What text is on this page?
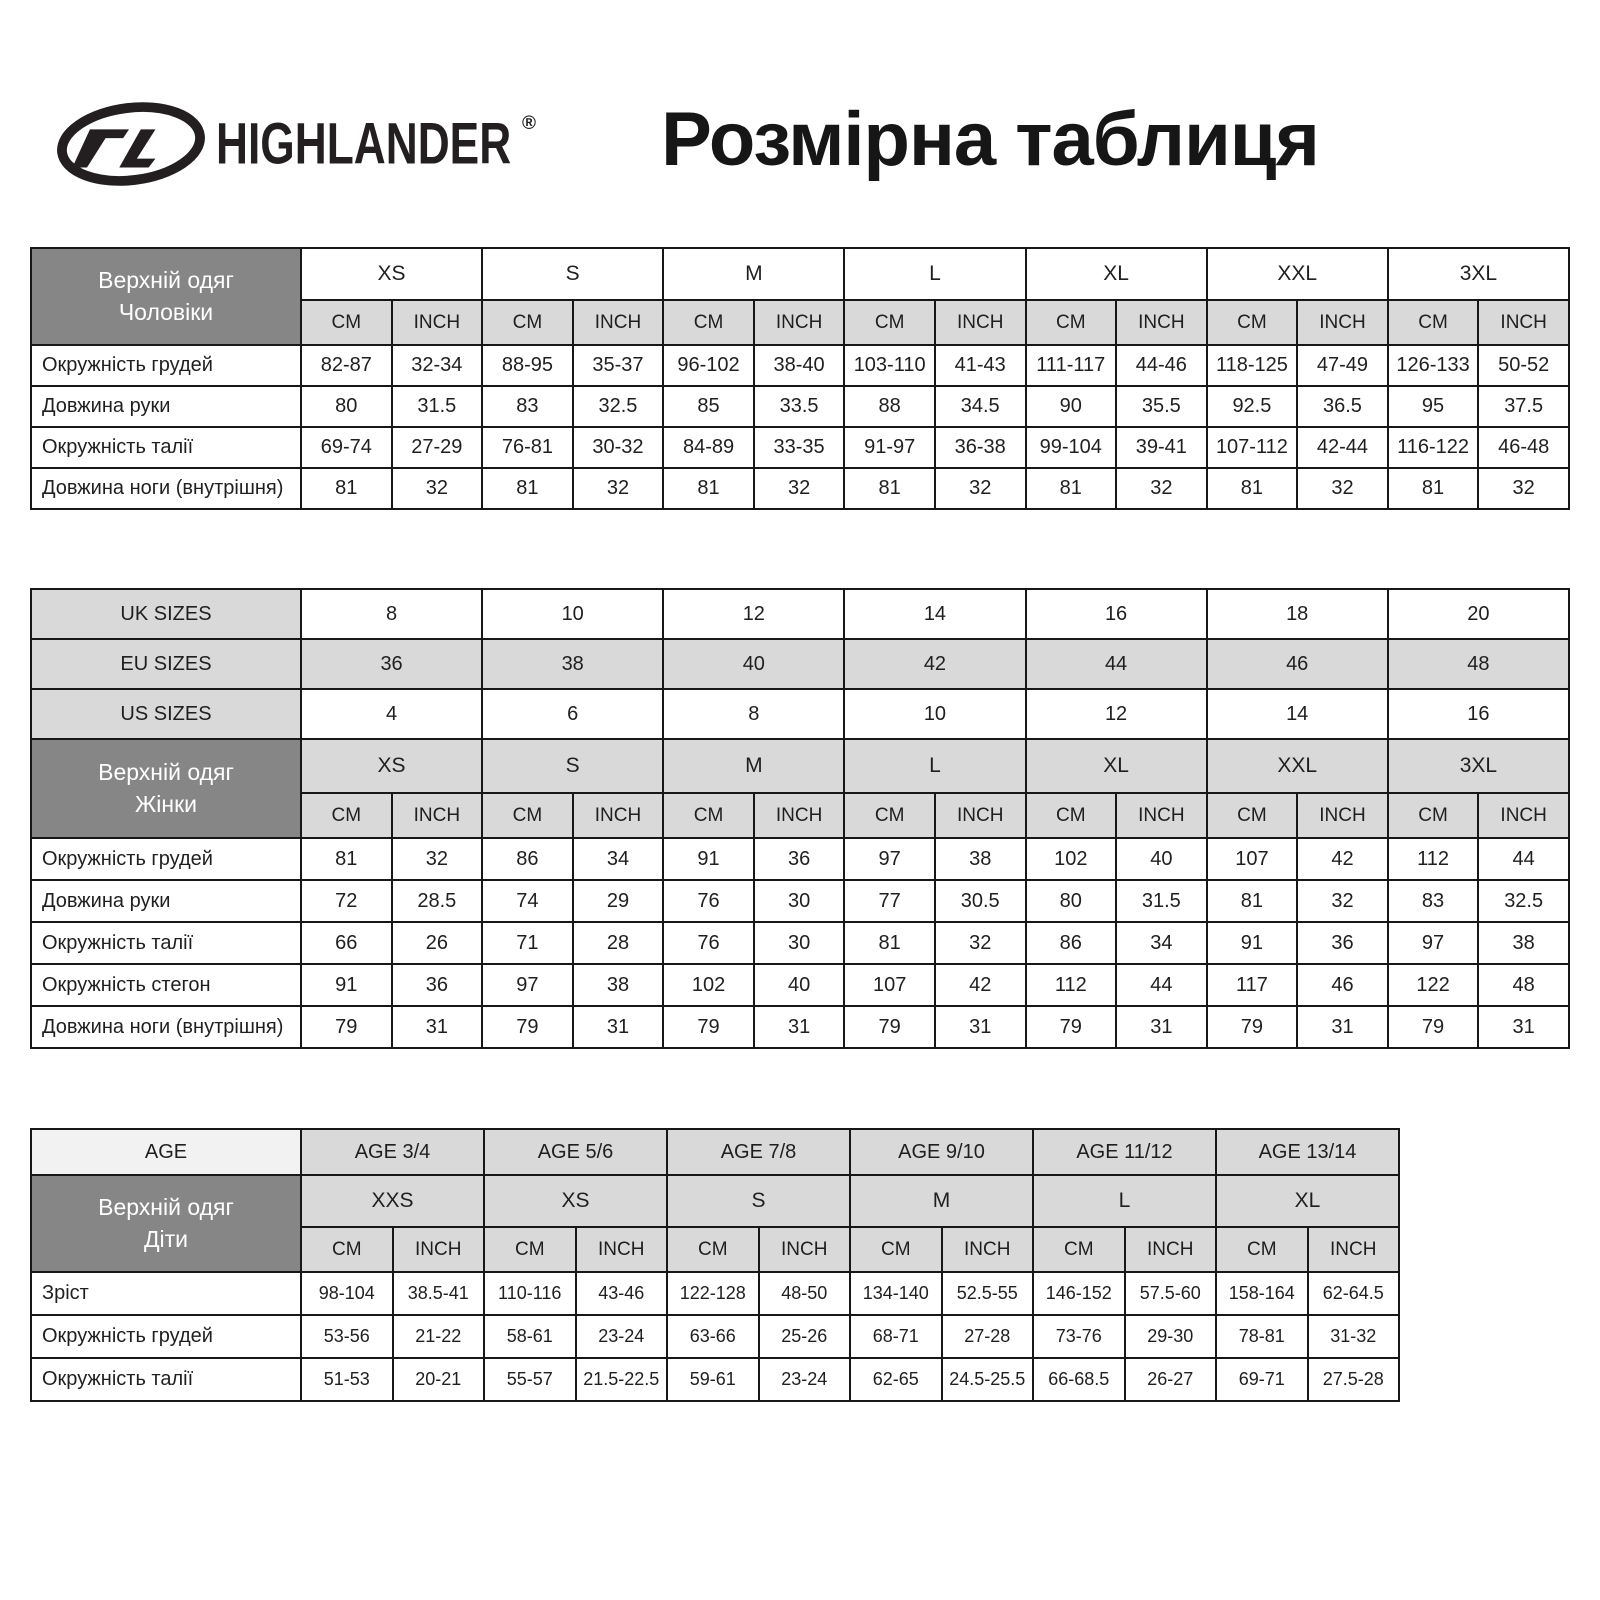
HIGHLANDER ®	Розмірна таблиця
Верхній одяг
Чоловіки	XS		S		M		L		XL		XXL		3XL	
	CM	INCH	CM	INCH	CM	INCH	CM	INCH	CM	INCH	CM	INCH	CM	INCH
Окружність грудей	82-87	32-34	88-95	35-37	96-102	38-40	103-110	41-43	111-117	44-46	118-125	47-49	126-133	50-52
Довжина руки	80	31.5	83	32.5	85	33.5	88	34.5	90	35.5	92.5	36.5	95	37.5
Окружність талії	69-74	27-29	76-81	30-32	84-89	33-35	91-97	36-38	99-104	39-41	107-112	42-44	116-122	46-48
Довжина ноги (внутрішня)	81	32	81	32	81	32	81	32	81	32	81	32	81	32
UK SIZES	8		10		12		14		16		18		20	
EU SIZES	36		38		40		42		44		46		48	
US SIZES	4		6		8		10		12		14		16	

Верхній одяг
Жінки	XS		S		M		L		XL		XXL		3XL	
	CM	INCH	CM	INCH	CM	INCH	CM	INCH	CM	INCH	CM	INCH	CM	INCH
Окружність грудей	81	32	86	34	91	36	97	38	102	40	107	42	112	44
Довжина руки	72	28.5	74	29	76	30	77	30.5	80	31.5	81	32	83	32.5
Окружність талії	66	26	71	28	76	30	81	32	86	34	91	36	97	38
Окружність стегон	91	36	97	38	102	40	107	42	112	44	117	46	122	48
Довжина ноги (внутрішня)	79	31	79	31	79	31	79	31	79	31	79	31	79	31
AGE	AGE 3/4		AGE 5/6		AGE 7/8		AGE 9/10		AGE 11/12		AGE 13/14	

Верхній одяг
Діти	XXS		XS		S		M		L		XL	
	CM	INCH	CM	INCH	CM	INCH	CM	INCH	CM	INCH	CM	INCH
Зріст	98-104	38.5-41	110-116	43-46	122-128	48-50	134-140	52.5-55	146-152	57.5-60	158-164	62-64.5
Окружність грудей	53-56	21-22	58-61	23-24	63-66	25-26	68-71	27-28	73-76	29-30	78-81	31-32
Окружність талії	51-53	20-21	55-57	21.5-22.5	59-61	23-24	62-65	24.5-25.5	66-68.5	26-27	69-71	27.5-28
